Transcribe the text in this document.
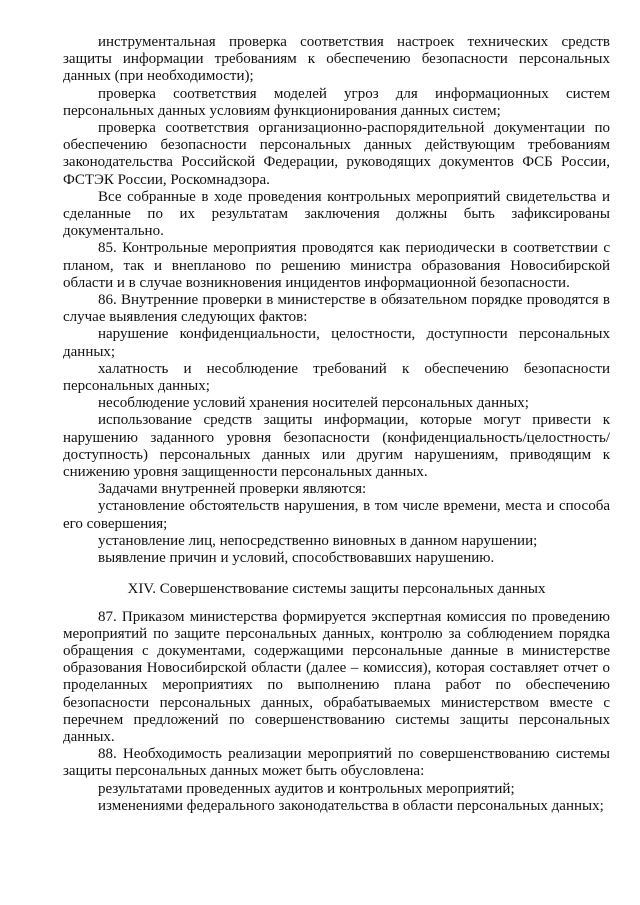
инструментальная проверка соответствия настроек технических средств защиты информации требованиям к обеспечению безопасности персональных данных (при необходимости);

проверка соответствия моделей угроз для информационных систем персональных данных условиям функционирования данных систем;

проверка соответствия организационно-распорядительной документации по обеспечению безопасности персональных данных действующим требованиям законодательства Российской Федерации, руководящих документов ФСБ России, ФСТЭК России, Роскомнадзора.

Все собранные в ходе проведения контрольных мероприятий свидетельства и сделанные по их результатам заключения должны быть зафиксированы документально.

85. Контрольные мероприятия проводятся как периодически в соответствии с планом, так и внеплановo по решению министра образования Новосибирской области и в случае возникновения инцидентов информационной безопасности.

86. Внутренние проверки в министерстве в обязательном порядке проводятся в случае выявления следующих фактов:

нарушение конфиденциальности, целостности, доступности персональных данных;

халатность и несоблюдение требований к обеспечению безопасности персональных данных;

несоблюдение условий хранения носителей персональных данных;

использование средств защиты информации, которые могут привести к нарушению заданного уровня безопасности (конфиденциальность/целостность/доступность) персональных данных или другим нарушениям, приводящим к снижению уровня защищенности персональных данных.

Задачами внутренней проверки являются:

установление обстоятельств нарушения, в том числе времени, места и способа его совершения;

установление лиц, непосредственно виновных в данном нарушении;

выявление причин и условий, способствовавших нарушению.

XIV. Совершенствование системы защиты персональных данных

87. Приказом министерства формируется экспертная комиссия по проведению мероприятий по защите персональных данных, контролю за соблюдением порядка обращения с документами, содержащими персональные данные в министерстве образования Новосибирской области (далее – комиссия), которая составляет отчет о проделанных мероприятиях по выполнению плана работ по обеспечению безопасности персональных данных, обрабатываемых министерством вместе с перечнем предложений по совершенствованию системы защиты персональных данных.

88. Необходимость реализации мероприятий по совершенствованию системы защиты персональных данных может быть обусловлена:

результатами проведенных аудитов и контрольных мероприятий;

изменениями федерального законодательства в области персональных данных;
